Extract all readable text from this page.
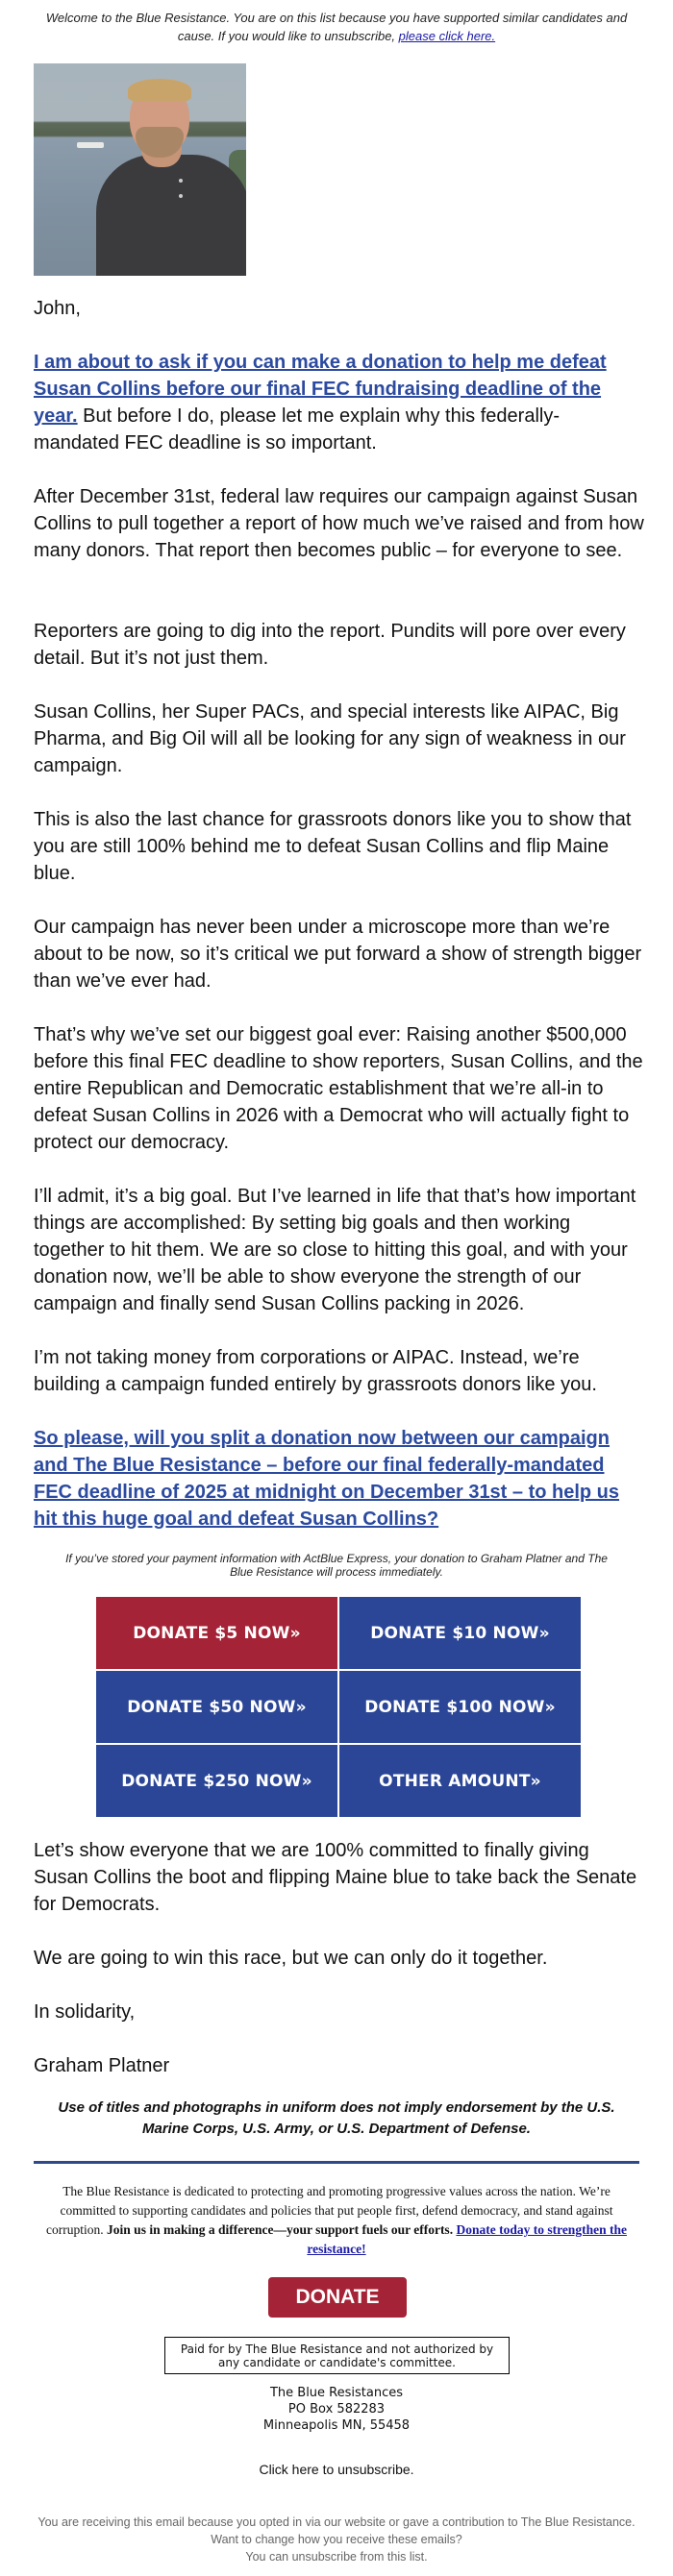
Welcome to the Blue Resistance. You are on this list because you have supported similar candidates and cause. If you would like to unsubscribe, please click here.

John,

I am about to ask if you can make a donation to help me defeat Susan Collins before our final FEC fundraising deadline of the year. But before I do, please let me explain why this federally-mandated FEC deadline is so important.

After December 31st, federal law requires our campaign against Susan Collins to pull together a report of how much we’ve raised and from how many donors. That report then becomes public – for everyone to see.

Reporters are going to dig into the report. Pundits will pore over every detail. But it’s not just them.

Susan Collins, her Super PACs, and special interests like AIPAC, Big Pharma, and Big Oil will all be looking for any sign of weakness in our campaign.

This is also the last chance for grassroots donors like you to show that you are still 100% behind me to defeat Susan Collins and flip Maine blue.

Our campaign has never been under a microscope more than we’re about to be now, so it’s critical we put forward a show of strength bigger than we’ve ever had.

That’s why we’ve set our biggest goal ever: Raising another $500,000 before this final FEC deadline to show reporters, Susan Collins, and the entire Republican and Democratic establishment that we’re all-in to defeat Susan Collins in 2026 with a Democrat who will actually fight to protect our democracy.

I’ll admit, it’s a big goal. But I’ve learned in life that that’s how important things are accomplished: By setting big goals and then working together to hit them. We are so close to hitting this goal, and with your donation now, we’ll be able to show everyone the strength of our campaign and finally send Susan Collins packing in 2026.

I’m not taking money from corporations or AIPAC. Instead, we’re building a campaign funded entirely by grassroots donors like you.

So please, will you split a donation now between our campaign and The Blue Resistance – before our final federally-mandated FEC deadline of 2025 at midnight on December 31st – to help us hit this huge goal and defeat Susan Collins?

If you’ve stored your payment information with ActBlue Express, your donation to Graham Platner and The Blue Resistance will process immediately.
DONATE $5 NOW»	DONATE $10 NOW»
DONATE $50 NOW»	DONATE $100 NOW»
DONATE $250 NOW»	OTHER AMOUNT»

Let’s show everyone that we are 100% committed to finally giving Susan Collins the boot and flipping Maine blue to take back the Senate for Democrats.

We are going to win this race, but we can only do it together.

In solidarity,

Graham Platner

Use of titles and photographs in uniform does not imply endorsement by the U.S. Marine Corps, U.S. Army, or U.S. Department of Defense.
The Blue Resistance is dedicated to protecting and promoting progressive values across the nation. We’re committed to supporting candidates and policies that put people first, defend democracy, and stand against corruption. Join us in making a difference—your support fuels our efforts. Donate today to strengthen the resistance!
DONATE
Paid for by The Blue Resistance and not authorized by any candidate or candidate's committee.
The Blue Resistances
PO Box 582283
Minneapolis MN, 55458
Click here to unsubscribe.
You are receiving this email because you opted in via our website or gave a contribution to The Blue Resistance. Want to change how you receive these emails?
You can unsubscribe from this list.
